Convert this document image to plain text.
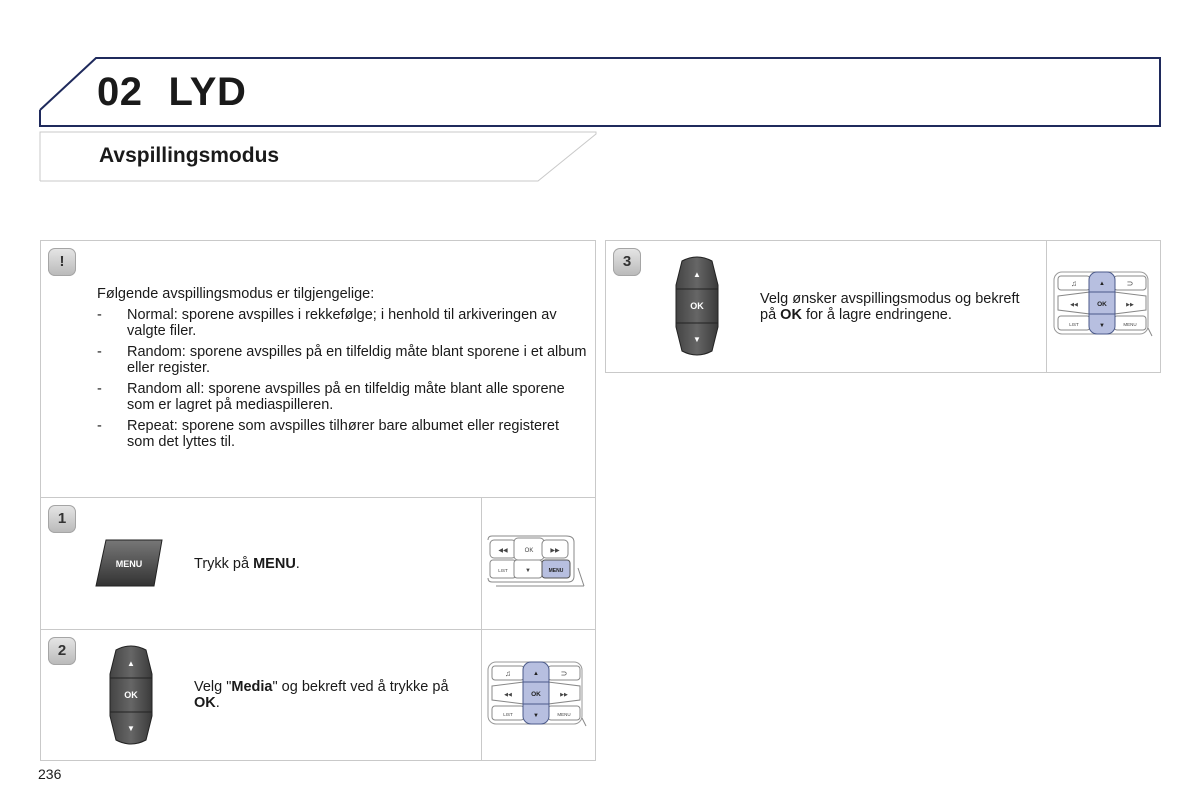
02 LYD
Avspillingsmodus
!
Følgende avspillingsmodus er tilgjengelige:
- Normal: sporene avspilles i rekkefølge; i henhold til arkiveringen av valgte filer.
- Random: sporene avspilles på en tilfeldig måte blant sporene i et album eller register.
- Random all: sporene avspilles på en tilfeldig måte blant alle sporene som er lagret på mediaspilleren.
- Repeat: sporene som avspilles tilhører bare albumet eller registeret som det lyttes til.
1
MENU	Trykk på MENU.
◀◀	OK	▶▶
LIST	▼	MENU
2
▲
OK
▼
Velg "Media" og bekreft ved å trykke på OK.
♫	⊃
◀◀	▶▶
▲
OK
▼
LIST	MENU
3
▲
OK
▼
Velg ønsker avspillingsmodus og bekreft på OK for å lagre endringene.
♫	⊃
◀◀	▶▶
▲
OK
▼
LIST	MENU
236
